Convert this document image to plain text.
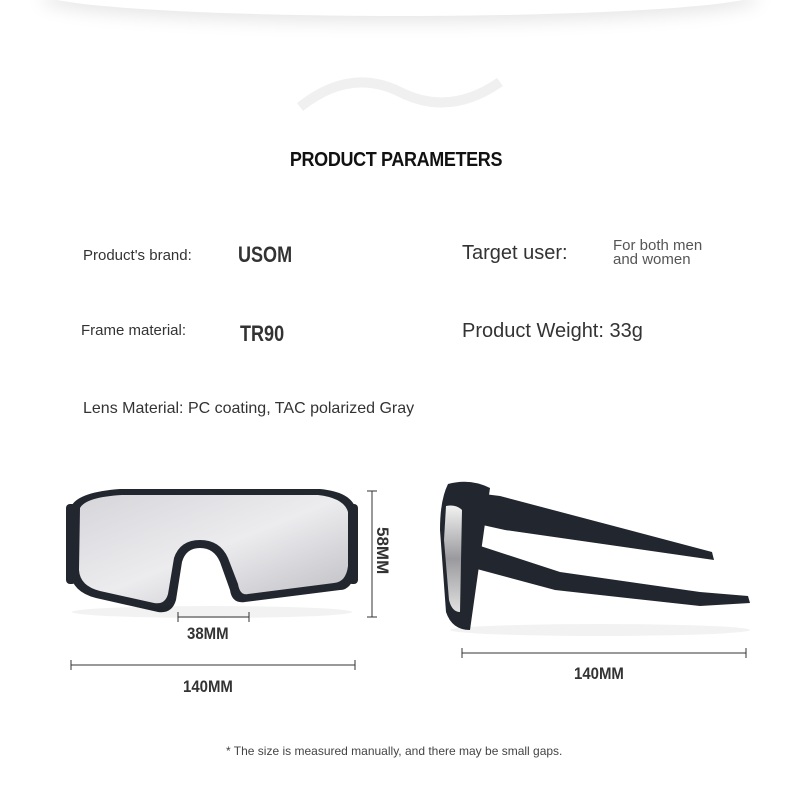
PRODUCT PARAMETERS
Product's brand: USOM	Target user:	For both men
and women
Frame material: TR90	Product Weight: 33g
Lens Material: PC coating, TAC polarized Gray
38MM
58MM
140MM
140MM
* The size is measured manually, and there may be small gaps.
